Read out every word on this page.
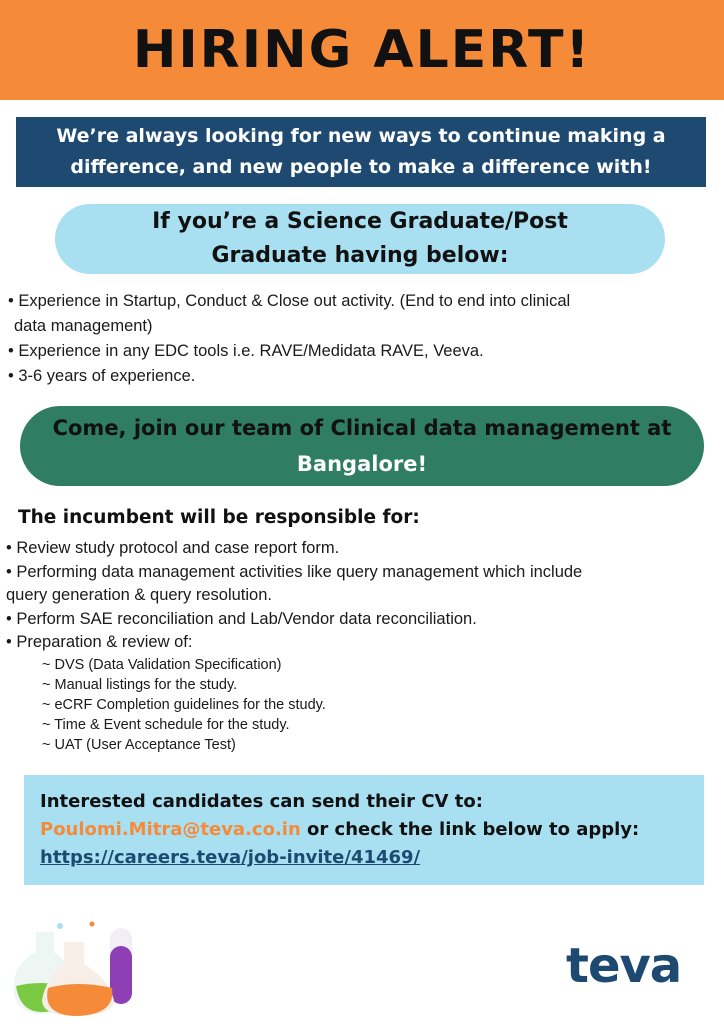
HIRING ALERT!
We’re always looking for new ways to continue making a
difference, and new people to make a difference with!
If you’re a Science Graduate/Post
Graduate having below:
• Experience in Startup, Conduct & Close out activity. (End to end into clinical
data management)
• Experience in any EDC tools i.e. RAVE/Medidata RAVE, Veeva.
• 3-6 years of experience.
Come, join our team of Clinical data management at
Bangalore!
The incumbent will be responsible for:
• Review study protocol and case report form.
• Performing data management activities like query management which include
query generation & query resolution.
• Perform SAE reconciliation and Lab/Vendor data reconciliation.
• Preparation & review of:
~ DVS (Data Validation Specification)
~ Manual listings for the study.
~ eCRF Completion guidelines for the study.
~ Time & Event schedule for the study.
~ UAT (User Acceptance Test)
Interested candidates can send their CV to:
Poulomi.Mitra@teva.co.in or check the link below to apply:
https://careers.teva/job-invite/41469/
teva
